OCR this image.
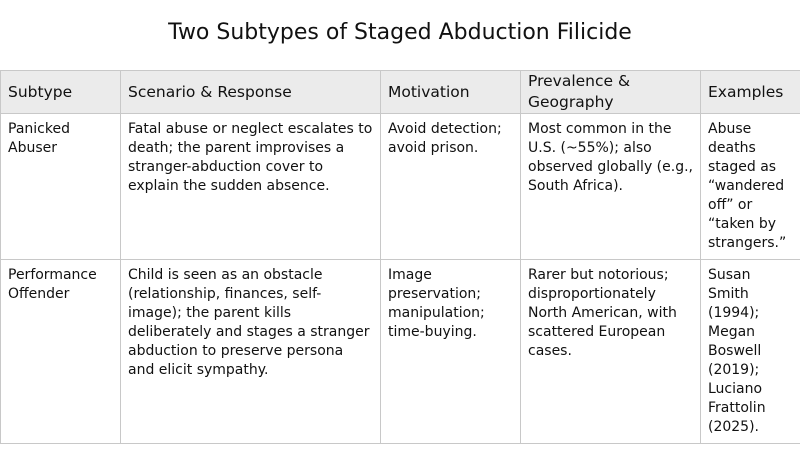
Two Subtypes of Staged Abduction Filicide
Subtype	Scenario & Response	Motivation	Prevalence & Geography	Examples

Panicked Abuser	Fatal abuse or neglect escalates to death; the parent improvises a stranger-abduction cover to explain the sudden absence.	Avoid detection; avoid prison.	Most common in the U.S. (~55%); also observed globally (e.g., South Africa).	Abuse deaths staged as “wandered off” or “taken by strangers.”

Performance Offender	Child is seen as an obstacle (relationship, finances, self-image); the parent kills deliberately and stages a stranger abduction to preserve persona and elicit sympathy.	Image preservation; manipulation; time-buying.	Rarer but notorious; disproportionately North American, with scattered European cases.	Susan Smith (1994); Megan Boswell (2019); Luciano Frattolin (2025).
